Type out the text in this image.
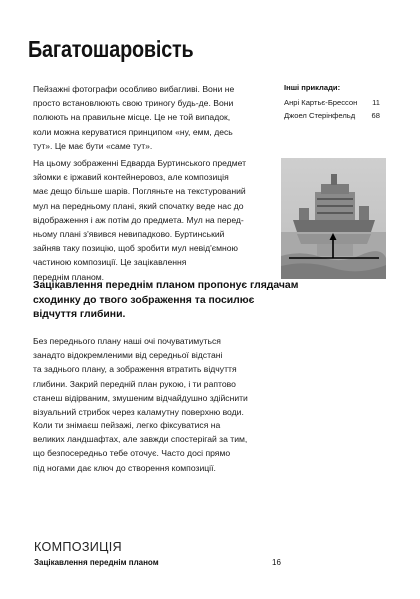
Багатошаровість

Пейзажні фотографи особливо вибагливі. Вони не
просто встановлюють свою триногу будь-де. Вони
полюють на правильне місце. Це не той випадок,
коли можна керуватися принципом «ну, емм, десь
тут». Це має бути «саме тут».

На цьому зображенні Едварда Буртинського предмет
зйомки є іржавий контейнеровоз, але композиція
має дещо більше шарів. Погляньте на текстурований
мул на передньому плані, який спочатку веде нас до
відображення і аж потім до предмета. Мул на перед-
ньому плані з'явився невипадково. Буртинський
зайняв таку позицію, щоб зробити мул невід'ємною
частиною композиції. Це зацікавлення
переднім планом.

Зацікавлення переднім планом пропонує глядачам
сходинку до твого зображення та посилює
відчуття глибини.

Без переднього плану наші очі почуватимуться
занадто відокремленими від середньої відстані
та заднього плану, а зображення втратить відчуття
глибини. Закрий передній план рукою, і ти раптово
станеш відірваним, змушеним відчайдушно здійснити
візуальний стрибок через каламутну поверхню води.

Коли ти знімаєш пейзажі, легко фіксуватися на
великих ландшафтах, але завжди спостерігай за тим,
що безпосередньо тебе оточує. Часто досі прямо
під ногами дає ключ до створення композиції.

Інші приклади:
Анрі Картьє-Брессон 11
Джоел Стерінфельд 68
КОМПОЗИЦІЯ
Зацікавлення переднім планом	16
